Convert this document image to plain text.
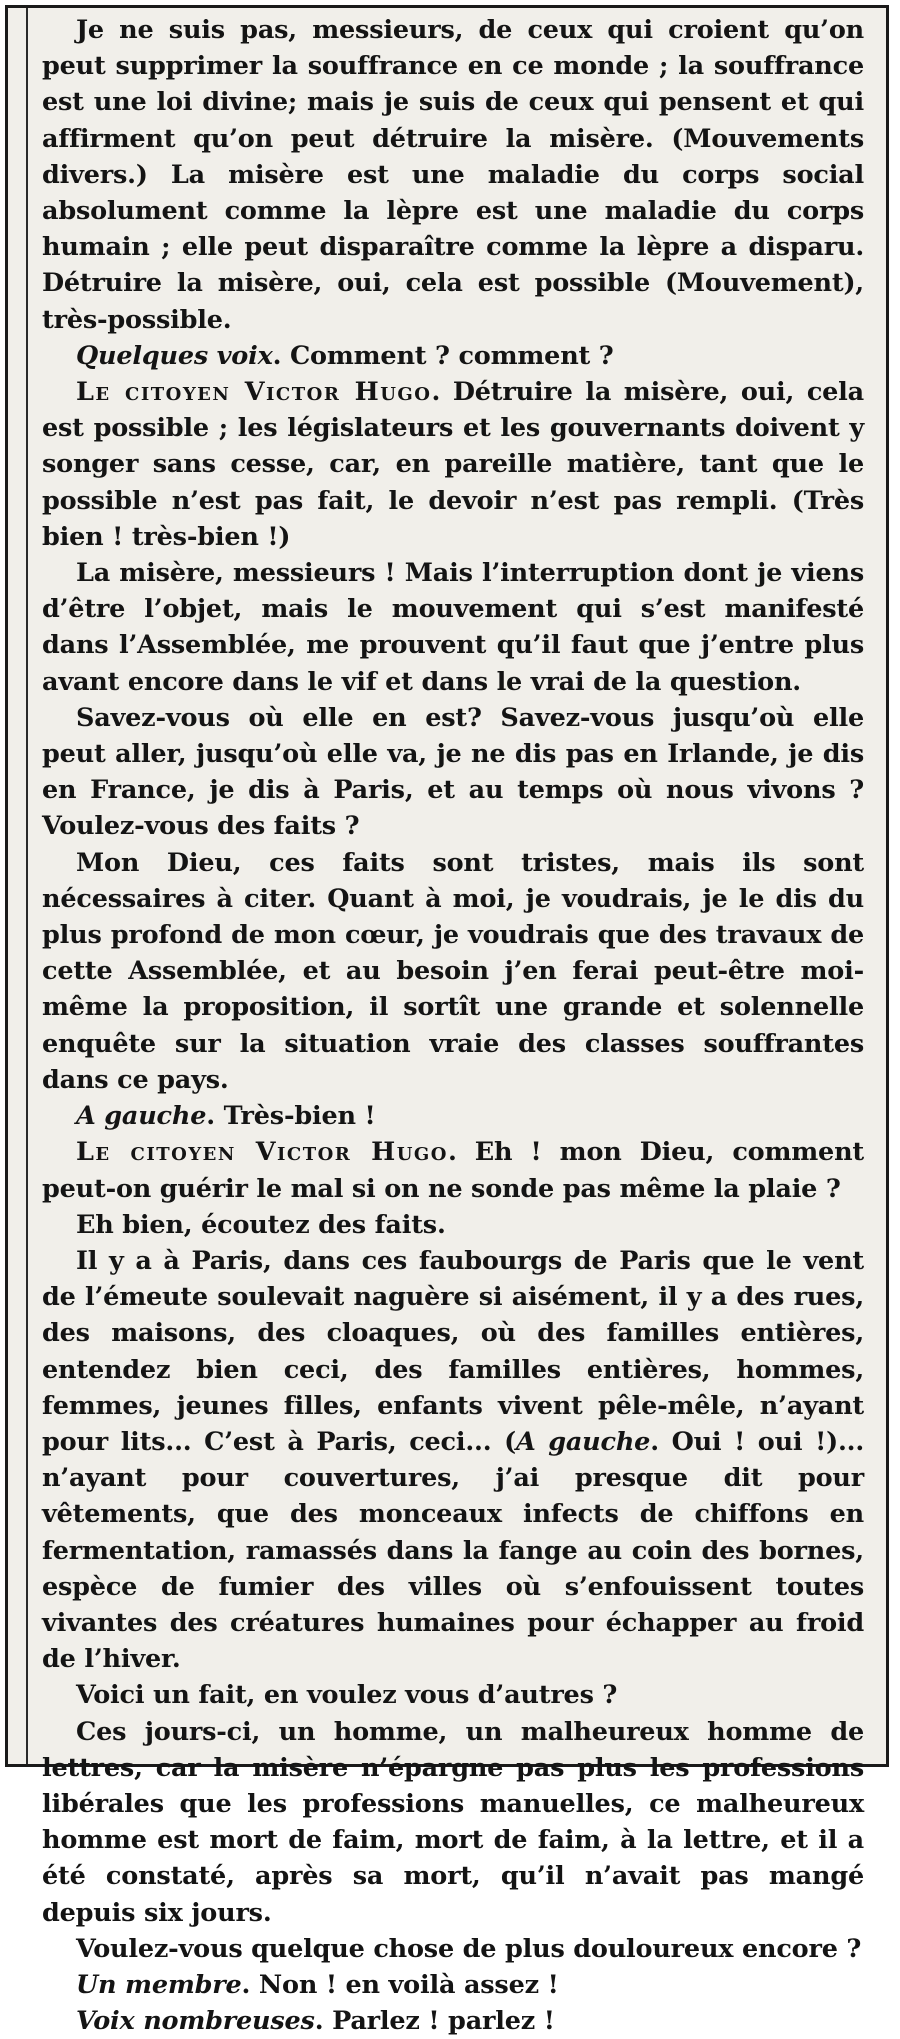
Je ne suis pas, messieurs, de ceux qui croient qu’on peut supprimer la souffrance en ce monde ; la souffrance est une loi divine; mais je suis de ceux qui pensent et qui affirment qu’on peut détruire la misère. (Mouvements divers.) La misère est une maladie du corps social absolument comme la lèpre est une maladie du corps humain ; elle peut disparaître comme la lèpre a disparu. Détruire la misère, oui, cela est possible (Mouvement), très-possible.

Quelques voix. Comment ? comment ?

Le citoyen Victor Hugo. Détruire la misère, oui, cela est possible ; les législateurs et les gouvernants doivent y songer sans cesse, car, en pareille matière, tant que le possible n’est pas fait, le devoir n’est pas rempli. (Très bien ! très-bien !)

La misère, messieurs ! Mais l’interruption dont je viens d’être l’objet, mais le mouvement qui s’est manifesté dans l’Assemblée, me prouvent qu’il faut que j’entre plus avant encore dans le vif et dans le vrai de la question.

Savez-vous où elle en est? Savez-vous jusqu’où elle peut aller, jusqu’où elle va, je ne dis pas en Irlande, je dis en France, je dis à Paris, et au temps où nous vivons ? Voulez-vous des faits ?

Mon Dieu, ces faits sont tristes, mais ils sont nécessaires à citer. Quant à moi, je voudrais, je le dis du plus profond de mon cœur, je voudrais que des travaux de cette Assemblée, et au besoin j’en ferai peut-être moi-même la proposition, il sortît une grande et solennelle enquête sur la situation vraie des classes souffrantes dans ce pays.

A gauche. Très-bien !

Le citoyen Victor Hugo. Eh ! mon Dieu, comment peut-on guérir le mal si on ne sonde pas même la plaie ?

Eh bien, écoutez des faits.

Il y a à Paris, dans ces faubourgs de Paris que le vent de l’émeute soulevait naguère si aisément, il y a des rues, des maisons, des cloaques, où des familles entières, entendez bien ceci, des familles entières, hommes, femmes, jeunes filles, enfants vivent pêle-mêle, n’ayant pour lits... C’est à Paris, ceci... (A gauche. Oui ! oui !)... n’ayant pour couvertures, j’ai presque dit pour vêtements, que des monceaux infects de chiffons en fermentation, ramassés dans la fange au coin des bornes, espèce de fumier des villes où s’enfouissent toutes vivantes des créatures humaines pour échapper au froid de l’hiver.

Voici un fait, en voulez vous d’autres ?

Ces jours-ci, un homme, un malheureux homme de lettres, car la misère n’épargne pas plus les professions libérales que les professions manuelles, ce malheureux homme est mort de faim, mort de faim, à la lettre, et il a été constaté, après sa mort, qu’il n’avait pas mangé depuis six jours.

Voulez-vous quelque chose de plus douloureux encore ?

Un membre. Non ! en voilà assez !

Voix nombreuses. Parlez ! parlez !
